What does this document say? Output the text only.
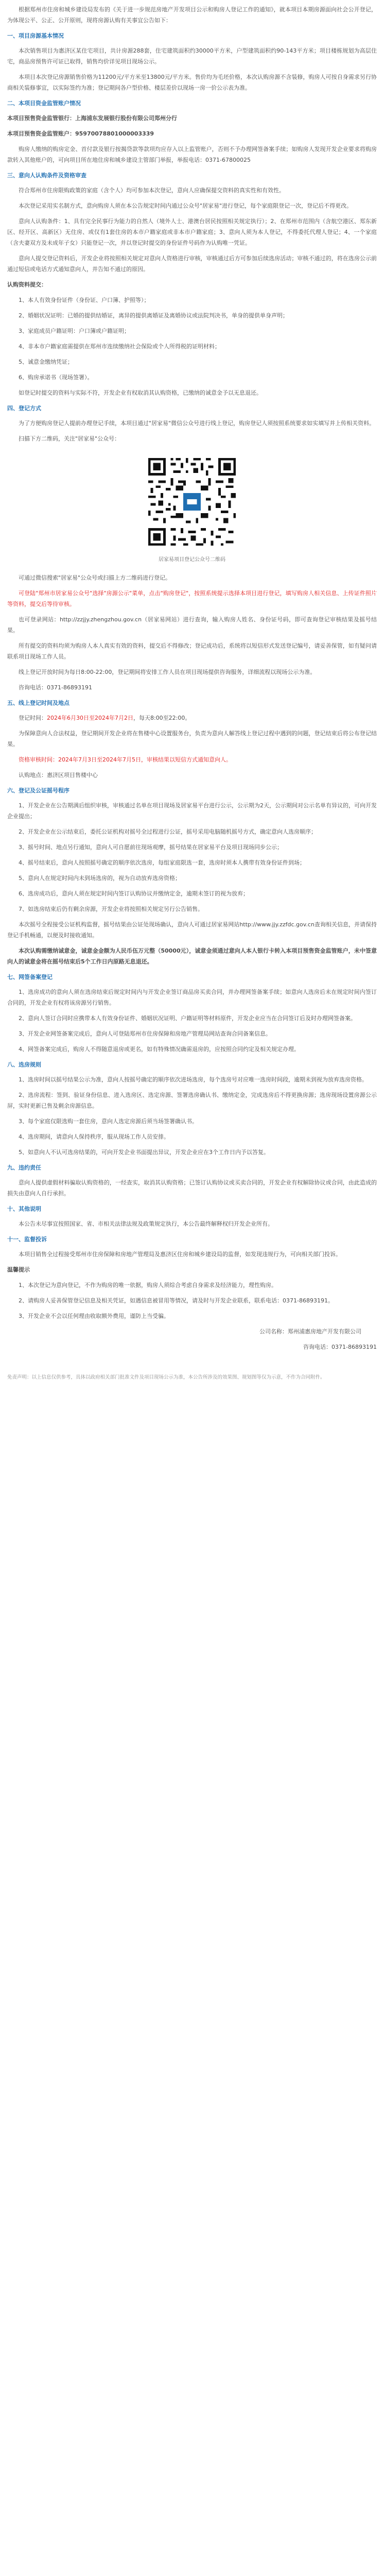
根据郑州市住房和城乡建设局发布的《关于进一步规范房地产开发项目公示和购房人登记工作的通知》，就本项目本期房源面向社会公开登记，为体现公平、公正、公开原则，现将房源认购有关事宜公告如下：

一、项目房源基本情况

本次销售项目为惠济区某住宅项目，共计房源288套，住宅建筑面积约30000平方米，户型建筑面积约90-143平方米；项目楼栋规划为高层住宅，商品房预售许可证已取得，销售均价详见项目现场公示。

本项目本次登记房源销售价格为11200元/平方米至13800元/平方米。售价均为毛坯价格，本次认购房源不含装修，购房人可按自身需求另行协商相关装修事宜，以实际签约为准；登记期间各户型价格、楼层差价以现场一房一价公示表为准。

二、本项目资金监管账户情况

本项目预售资金监管银行：上海浦东发展银行股份有限公司郑州分行

本项目预售资金监管账户：95970078801000003339

购房人缴纳的购房定金、首付款及银行按揭贷款等款项均应存入以上监管账户，否则不予办理网签备案手续；如购房人发现开发企业要求将购房款转入其他账户的，可向项目所在地住房和城乡建设主管部门举报，举报电话：0371-67800025

三、意向人认购条件及资格审查

符合郑州市住房限购政策的家庭（含个人）均可参加本次登记，意向人应确保提交资料的真实性和有效性。

本次登记采用实名制方式，意向购房人须在本公告规定时间内通过公众号"居家易"进行登记，每个家庭限登记一次，登记后不得更改。

意向人认购条件：1、具有完全民事行为能力的自然人（境外人士、港澳台居民按照相关规定执行）；2、在郑州市范围内（含航空港区、郑东新区、经开区、高新区）无住房、或仅有1套住房的本市户籍家庭或非本市户籍家庭；3、意向人须为本人登记，不得委托代理人登记；4、一个家庭（含夫妻双方及未成年子女）只能登记一次，并以登记时提交的身份证件号码作为认购唯一凭证。

意向人提交登记资料后，开发企业将按照相关规定对意向人资格进行审核，审核通过后方可参加后续选房活动；审核不通过的，将在选房公示前通过短信或电话方式通知意向人，并告知不通过的原因。

认购资料提交：

1、本人有效身份证件（身份证、户口簿、护照等）；

2、婚姻状况证明：已婚的提供结婚证，离异的提供离婚证及离婚协议或法院判决书，单身的提供单身声明；

3、家庭成员户籍证明：户口簿或户籍证明；

4、非本市户籍家庭需提供在郑州市连续缴纳社会保险或个人所得税的证明材料；

5、诚意金缴纳凭证；

6、购房承诺书（现场签署）。

如登记时提交的资料与实际不符，开发企业有权取消其认购资格，已缴纳的诚意金予以无息退还。

四、登记方式

为了方便购房登记人提前办理登记手续，本项目通过"居家易"微信公众号进行线上登记，购房登记人须按照系统要求如实填写并上传相关资料。

扫描下方二维码，关注"居家易"公众号：

居家易项目登记公众号二维码

可通过微信搜索"居家易"公众号或扫描上方二维码进行登记。

可登陆"郑州市居家易公众号"选择"房源公示"菜单，点击"购房登记"，按照系统提示选择本项目进行登记，填写购房人相关信息、上传证件照片等资料，提交后等待审核。

也可登录网站：http://zzjjy.zhengzhou.gov.cn（居家易网站）进行查询，输入购房人姓名、身份证号码，即可查询登记审核结果及摇号结果。

所有提交的资料均须为购房人本人真实有效的资料，提交后不得修改；登记成功后，系统将以短信形式发送登记编号，请妥善保管，如有疑问请联系项目现场工作人员。

线上登记开放时间为每日8:00-22:00，登记期间将安排工作人员在项目现场提供咨询服务，详细流程以现场公示为准。

咨询电话：0371-86893191

五、线上登记时间及地点

登记时间：2024年6月30日至2024年7月2日，每天8:00至22:00。

为保障意向人合法权益，登记期间开发企业将在售楼中心设置服务台，负责为意向人解答线上登记过程中遇到的问题，登记结束后将公布登记结果。

资格审核时间：2024年7月3日至2024年7月5日，审核结果以短信方式通知意向人。

认购地点：惠济区项目售楼中心

六、登记及公证摇号程序

1、开发企业在公告期满后组织审核，审核通过名单在项目现场及居家易平台进行公示，公示期为2天，公示期间对公示名单有异议的，可向开发企业提出；

2、开发企业在公示结束后，委托公证机构对摇号全过程进行公证，摇号采用电脑随机摇号方式，确定意向人选房顺序；

3、摇号时间、地点另行通知，意向人可自愿前往现场观摩，摇号结果在居家易平台及项目现场同步公示；

4、摇号结束后，意向人按照摇号确定的顺序依次选房，每组家庭限选一套，选房时须本人携带有效身份证件到场；

5、意向人在规定时间内未到场选房的，视为自动放弃选房资格；

6、选房成功后，意向人须在规定时间内签订认购协议并缴纳定金，逾期未签订的视为放弃；

7、如选房结束后仍有剩余房源，开发企业将按照相关规定另行公告销售。

本次摇号全程接受公证机构监督，摇号结果由公证处现场确认，意向人可通过居家易网站http://www.jjy.zzfdc.gov.cn查询相关信息，并请保持登记手机畅通，以便及时接收通知。

本次认购需缴纳诚意金，诚意金金额为人民币伍万元整（50000元），诚意金须通过意向人本人银行卡转入本项目预售资金监管账户，未中签意向人的诚意金将在摇号结束后5个工作日内原路无息退还。

七、网签备案登记

1、选房成功的意向人须在选房结束后规定时间内与开发企业签订商品房买卖合同，并办理网签备案手续；如意向人选房后未在规定时间内签订合同的，开发企业有权将该房源另行销售。

2、意向人签订合同时应携带本人有效身份证件、婚姻状况证明、户籍证明等材料原件，开发企业应当在合同签订后及时办理网签备案。

3、开发企业网签备案完成后，意向人可登陆郑州市住房保障和房地产管理局网站查询合同备案信息。

4、网签备案完成后，购房人不得随意退房或更名，如有特殊情况确需退房的，应按照合同约定及相关规定办理。

八、选房规则

1、选房时间以摇号结果公示为准，意向人按摇号确定的顺序依次进场选房，每个选房号对应唯一选房时间段，逾期未到视为放弃选房资格。

2、选房流程：签到、验证身份信息、进入选房区、选定房源、签署选房确认书、缴纳定金，完成选房后不得更换房源；选房现场设置房源公示屏，实时更新已售及剩余房源信息。

3、每个家庭仅限选购一套住房，意向人选定房源后须当场签署确认书。

4、选房期间，请意向人保持秩序，服从现场工作人员安排。

5、如意向人不认可选房结果的，可向开发企业书面提出异议，开发企业应在3个工作日内予以答复。

九、违约责任

意向人提供虚假材料骗取认购资格的，一经查实，取消其认购资格；已签订认购协议或买卖合同的，开发企业有权解除协议或合同，由此造成的损失由意向人自行承担。

十、其他说明

本公告未尽事宜按照国家、省、市相关法律法规及政策规定执行，本公告最终解释权归开发企业所有。

十一、监督投诉

本项目销售全过程接受郑州市住房保障和房地产管理局及惠济区住房和城乡建设局的监督，如发现违规行为，可向相关部门投诉。

温馨提示

1、本次登记为意向登记，不作为购房的唯一依据，购房人须综合考虑自身需求及经济能力，理性购房。

2、请购房人妥善保管登记信息及相关凭证，如遇信息被冒用等情况，请及时与开发企业联系，联系电话：0371-86893191。

3、开发企业不会以任何理由收取额外费用，谨防上当受骗。

公司名称：郑州浦惠房地产开发有限公司

咨询电话：0371-86893191

免责声明：以上信息仅供参考，具体以政府相关部门批准文件及项目现场公示为准，本公告所涉及的效果图、规划图等仅为示意，不作为合同附件。
